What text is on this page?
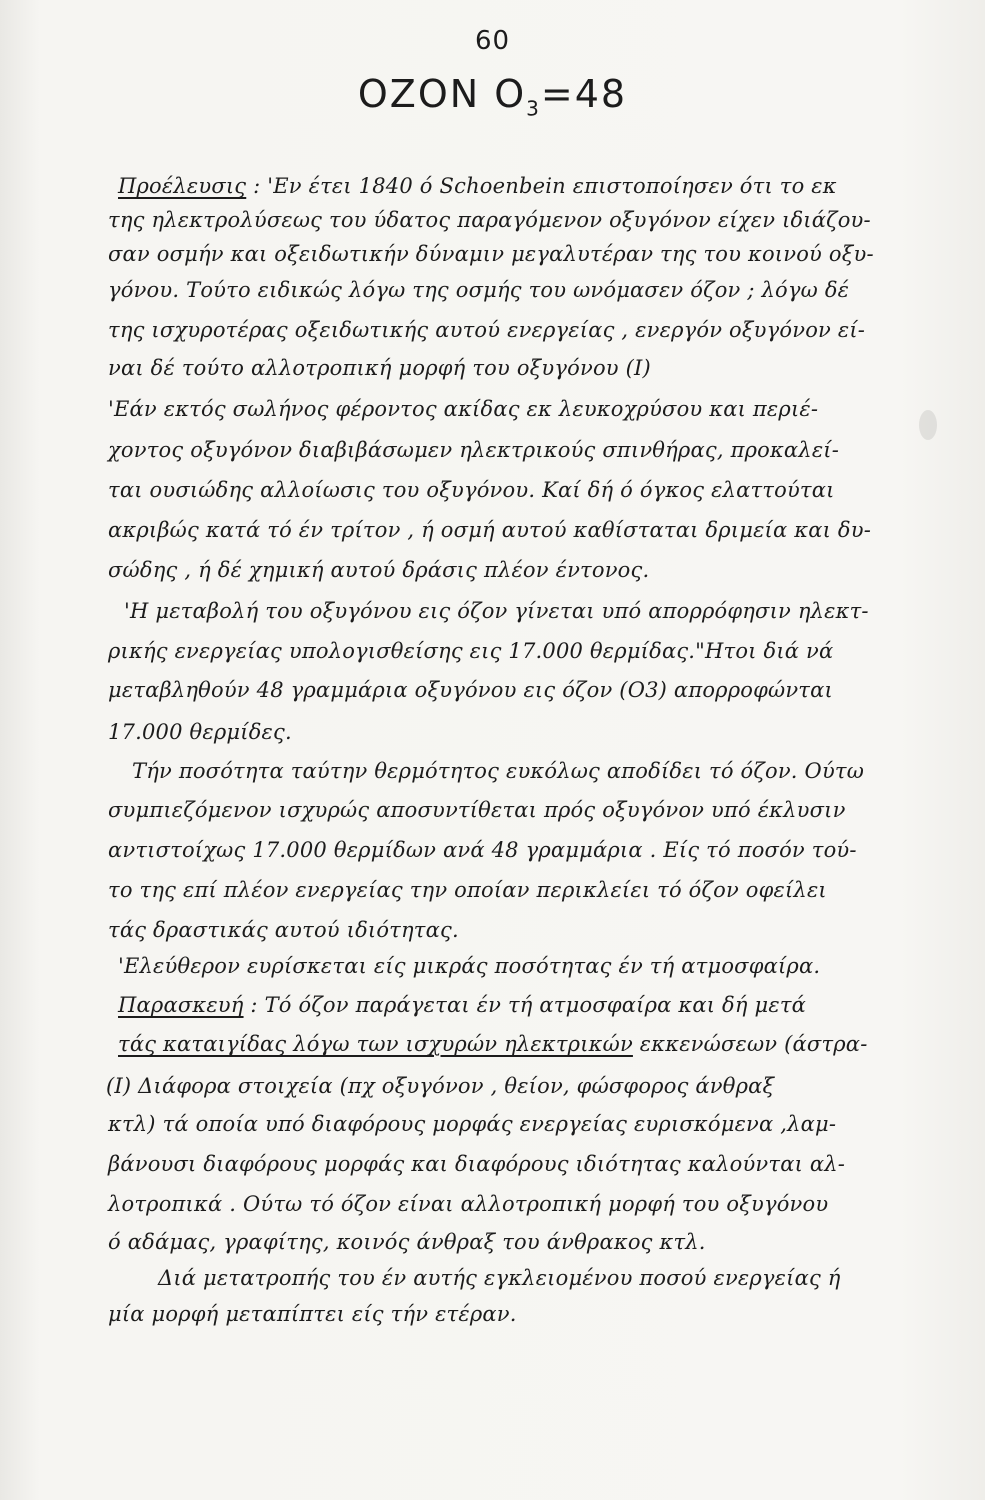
60
OZON $O_3=48$
Προέλευσις : 'Εν έτει 1840 ό Schoenbein επιστοποίησεν ότι το εκ
της ηλεκτρολύσεως του ύδατος παραγόμενον οξυγόνον είχεν ιδιάζου-
σαν οσμήν και οξειδωτικήν δύναμιν μεγαλυτέραν της του κοινού οξυ-
γόνου. Τούτο ειδικώς λόγω της οσμής του ωνόμασεν όζον ; λόγω δέ
της ισχυροτέρας οξειδωτικής αυτού ενεργείας , ενεργόν οξυγόνον εί-
ναι δέ τούτο αλλοτροπική μορφή του οξυγόνου (I)
'Εάν εκτός σωλήνος φέροντος ακίδας εκ λευκοχρύσου και περιέ-
χοντος οξυγόνον διαβιβάσωμεν ηλεκτρικούς σπινθήρας, προκαλεί-
ται ουσιώδης αλλοίωσις του οξυγόνου. Καί δή ό όγκος ελαττούται
ακριβώς κατά τό έν τρίτον , ή οσμή αυτού καθίσταται δριμεία και δυ-
σώδης , ή δέ χημική αυτού δράσις πλέον έντονος.
'Η μεταβολή του οξυγόνου εις όζον γίνεται υπό απορρόφησιν ηλεκτ-
ρικής ενεργείας υπολογισθείσης εις 17.000 θερμίδας."Ητοι διά νά
μεταβληθούν 48 γραμμάρια οξυγόνου εις όζον (O3) απορροφώνται
17.000 θερμίδες.
Τήν ποσότητα ταύτην θερμότητος ευκόλως αποδίδει τό όζον. Ούτω
συμπιεζόμενον ισχυρώς αποσυντίθεται πρός οξυγόνον υπό έκλυσιν
αντιστοίχως 17.000 θερμίδων ανά 48 γραμμάρια . Είς τό ποσόν τού-
το της επί πλέον ενεργείας την οποίαν περικλείει τό όζον οφείλει
τάς δραστικάς αυτού ιδιότητας.
'Ελεύθερον ευρίσκεται είς μικράς ποσότητας έν τή ατμοσφαίρα.
Παρασκευή : Τό όζον παράγεται έν τή ατμοσφαίρα και δή μετά
τάς καταιγίδας λόγω των ισχυρών ηλεκτρικών εκκενώσεων (άστρα-
(I) Διάφορα στοιχεία (πχ οξυγόνον , θείον, φώσφορος άνθραξ
κτλ) τά οποία υπό διαφόρους μορφάς ενεργείας ευρισκόμενα ,λαμ-
βάνουσι διαφόρους μορφάς και διαφόρους ιδιότητας καλούνται αλ-
λοτροπικά . Ούτω τό όζον είναι αλλοτροπική μορφή του οξυγόνου
ό αδάμας, γραφίτης, κοινός άνθραξ του άνθρακος κτλ.
Διά μετατροπής του έν αυτής εγκλειομένου ποσού ενεργείας ή
μία μορφή μεταπίπτει είς τήν ετέραν.
